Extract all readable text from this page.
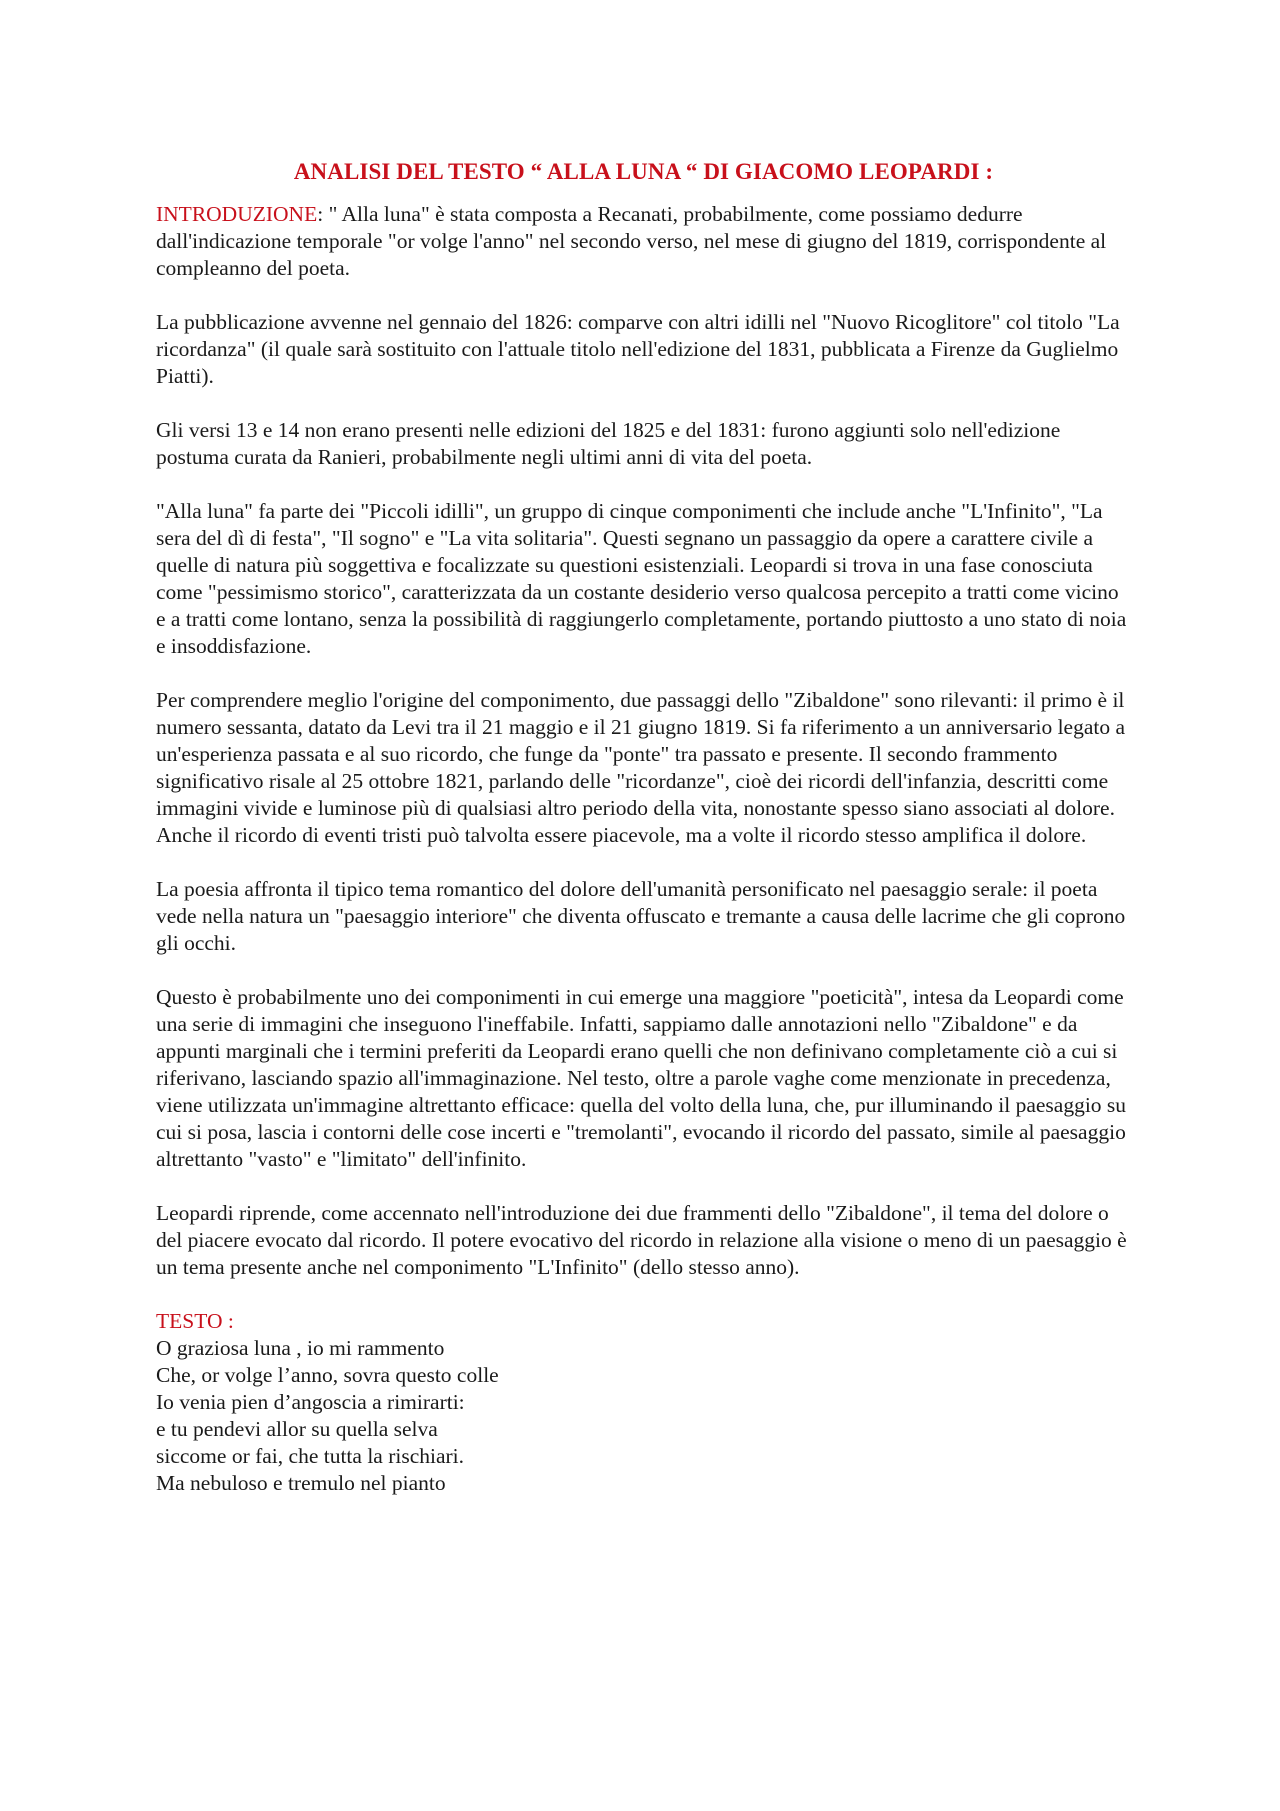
ANALISI DEL TESTO “ ALLA LUNA “ DI GIACOMO LEOPARDI :
INTRODUZIONE: " Alla luna" è stata composta a Recanati, probabilmente, come possiamo dedurre dall'indicazione temporale "or volge l'anno" nel secondo verso, nel mese di giugno del 1819, corrispondente al compleanno del poeta.
La pubblicazione avvenne nel gennaio del 1826: comparve con altri idilli nel "Nuovo Ricoglitore" col titolo "La ricordanza" (il quale sarà sostituito con l'attuale titolo nell'edizione del 1831, pubblicata a Firenze da Guglielmo Piatti).
Gli versi 13 e 14 non erano presenti nelle edizioni del 1825 e del 1831: furono aggiunti solo nell'edizione postuma curata da Ranieri, probabilmente negli ultimi anni di vita del poeta.
"Alla luna" fa parte dei "Piccoli idilli", un gruppo di cinque componimenti che include anche "L'Infinito", "La sera del dì di festa", "Il sogno" e "La vita solitaria". Questi segnano un passaggio da opere a carattere civile a quelle di natura più soggettiva e focalizzate su questioni esistenziali. Leopardi si trova in una fase conosciuta come "pessimismo storico", caratterizzata da un costante desiderio verso qualcosa percepito a tratti come vicino e a tratti come lontano, senza la possibilità di raggiungerlo completamente, portando piuttosto a uno stato di noia e insoddisfazione.
Per comprendere meglio l'origine del componimento, due passaggi dello "Zibaldone" sono rilevanti: il primo è il numero sessanta, datato da Levi tra il 21 maggio e il 21 giugno 1819. Si fa riferimento a un anniversario legato a un'esperienza passata e al suo ricordo, che funge da "ponte" tra passato e presente. Il secondo frammento significativo risale al 25 ottobre 1821, parlando delle "ricordanze", cioè dei ricordi dell'infanzia, descritti come immagini vivide e luminose più di qualsiasi altro periodo della vita, nonostante spesso siano associati al dolore. Anche il ricordo di eventi tristi può talvolta essere piacevole, ma a volte il ricordo stesso amplifica il dolore.
La poesia affronta il tipico tema romantico del dolore dell'umanità personificato nel paesaggio serale: il poeta vede nella natura un "paesaggio interiore" che diventa offuscato e tremante a causa delle lacrime che gli coprono gli occhi.
Questo è probabilmente uno dei componimenti in cui emerge una maggiore "poeticità", intesa da Leopardi come una serie di immagini che inseguono l'ineffabile. Infatti, sappiamo dalle annotazioni nello "Zibaldone" e da appunti marginali che i termini preferiti da Leopardi erano quelli che non definivano completamente ciò a cui si riferivano, lasciando spazio all'immaginazione. Nel testo, oltre a parole vaghe come menzionate in precedenza, viene utilizzata un'immagine altrettanto efficace: quella del volto della luna, che, pur illuminando il paesaggio su cui si posa, lascia i contorni delle cose incerti e "tremolanti", evocando il ricordo del passato, simile al paesaggio altrettanto "vasto" e "limitato" dell'infinito.
Leopardi riprende, come accennato nell'introduzione dei due frammenti dello "Zibaldone", il tema del dolore o del piacere evocato dal ricordo. Il potere evocativo del ricordo in relazione alla visione o meno di un paesaggio è un tema presente anche nel componimento "L'Infinito" (dello stesso anno).
TESTO :
O graziosa luna , io mi rammento
Che, or volge l’anno, sovra questo colle
Io venia pien d’angoscia a rimirarti:
e tu pendevi allor su quella selva
siccome or fai, che tutta la rischiari.
Ma nebuloso e tremulo nel pianto
